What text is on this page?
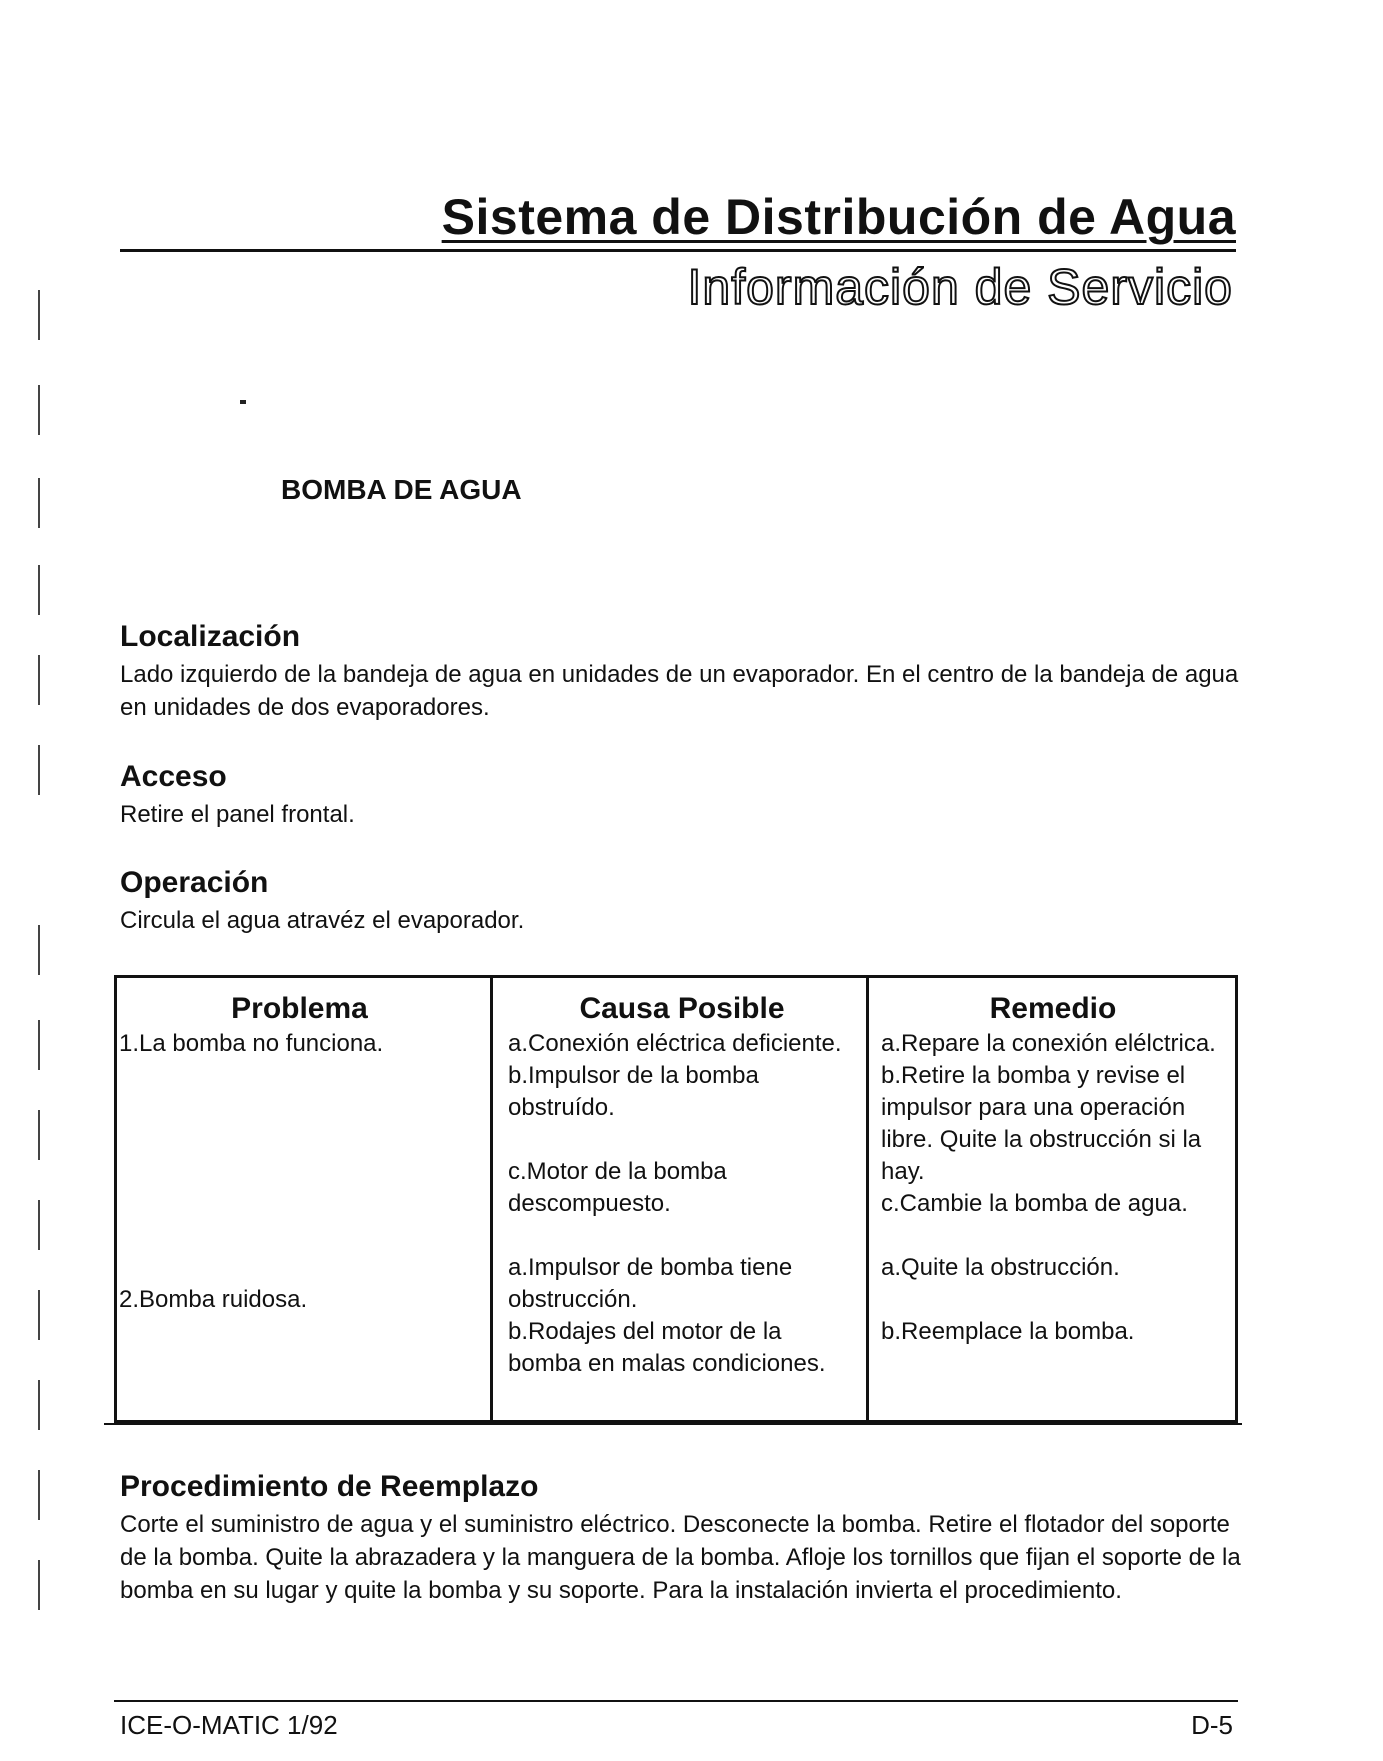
Sistema de Distribución de Agua
Información de Servicio
BOMBA DE AGUA
Localización

Lado izquierdo de la bandeja de agua en unidades de un evaporador. En el centro de la bandeja de agua en unidades de dos evaporadores.

Acceso

Retire el panel frontal.

Operación

Circula el agua atravéz el evaporador.

Problema

1.La bomba no funciona.

2.Bomba ruidosa.

Causa Posible

a.Conexión eléctrica deficiente.

b.Impulsor de la bomba obstruído.

c.Motor de la bomba descompuesto.

a.Impulsor de bomba tiene obstrucción.

b.Rodajes del motor de la bomba en malas condiciones.

Remedio

a.Repare la conexión elélctrica.

b.Retire la bomba y revise el impulsor para una operación libre. Quite la obstrucción si la hay.

c.Cambie la bomba de agua.

a.Quite la obstrucción.

b.Reemplace la bomba.

Procedimiento de Reemplazo

Corte el suministro de agua y el suministro eléctrico. Desconecte la bomba. Retire el flotador del soporte de la bomba. Quite la abrazadera y la manguera de la bomba. Afloje los tornillos que fijan el soporte de la bomba en su lugar y quite la bomba y su soporte. Para la instalación invierta el procedimiento.

ICE-O-MATIC 1/92	D-5
